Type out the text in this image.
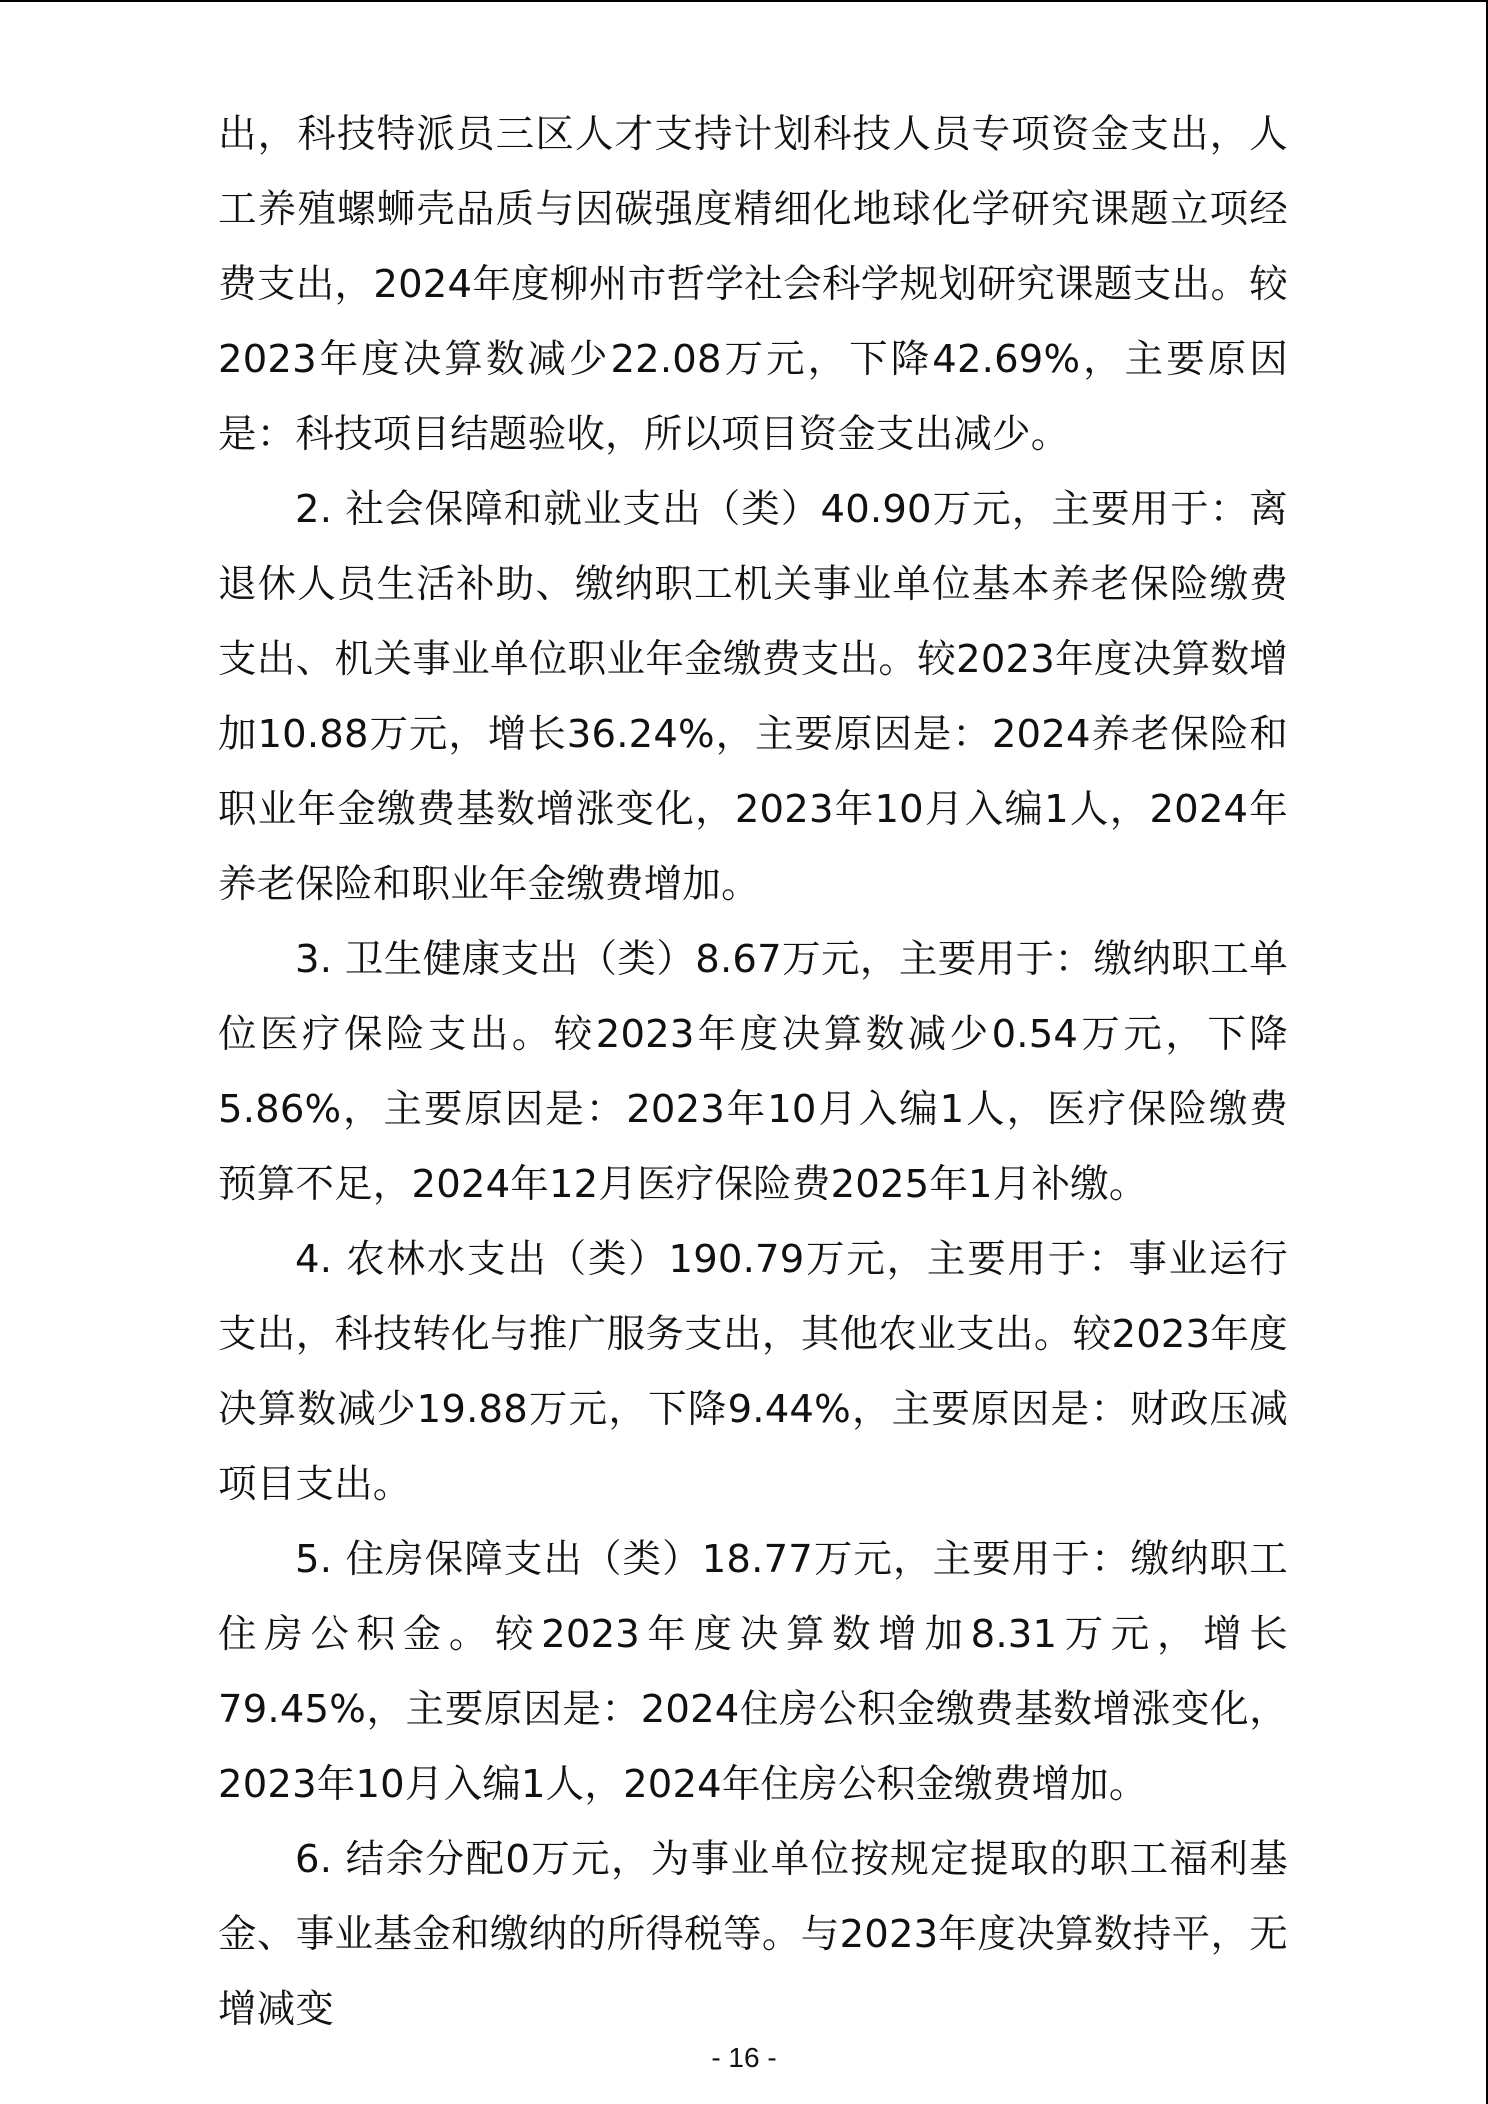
出，科技特派员三区人才支持计划科技人员专项资金支出，人工养殖螺蛳壳品质与因碳强度精细化地球化学研究课题立项经费支出，2024年度柳州市哲学社会科学规划研究课题支出。较2023年度决算数减少22.08万元，下降42.69%，主要原因是：科技项目结题验收，所以项目资金支出减少。

2. 社会保障和就业支出（类）40.90万元，主要用于：离退休人员生活补助、缴纳职工机关事业单位基本养老保险缴费支出、机关事业单位职业年金缴费支出。较2023年度决算数增加10.88万元，增长36.24%，主要原因是：2024养老保险和职业年金缴费基数增涨变化，2023年10月入编1人，2024年养老保险和职业年金缴费增加。

3. 卫生健康支出（类）8.67万元，主要用于：缴纳职工单位医疗保险支出。较2023年度决算数减少0.54万元，下降5.86%，主要原因是：2023年10月入编1人，医疗保险缴费预算不足，2024年12月医疗保险费2025年1月补缴。

4. 农林水支出（类）190.79万元，主要用于：事业运行支出，科技转化与推广服务支出，其他农业支出。较2023年度决算数减少19.88万元，下降9.44%，主要原因是：财政压减项目支出。

5. 住房保障支出（类）18.77万元，主要用于：缴纳职工住房公积金。较2023年度决算数增加8.31万元，增长79.45%，主要原因是：2024住房公积金缴费基数增涨变化，2023年10月入编1人，2024年住房公积金缴费增加。

6. 结余分配0万元，为事业单位按规定提取的职工福利基金、事业基金和缴纳的所得税等。与2023年度决算数持平，无增减变

- 16 -
